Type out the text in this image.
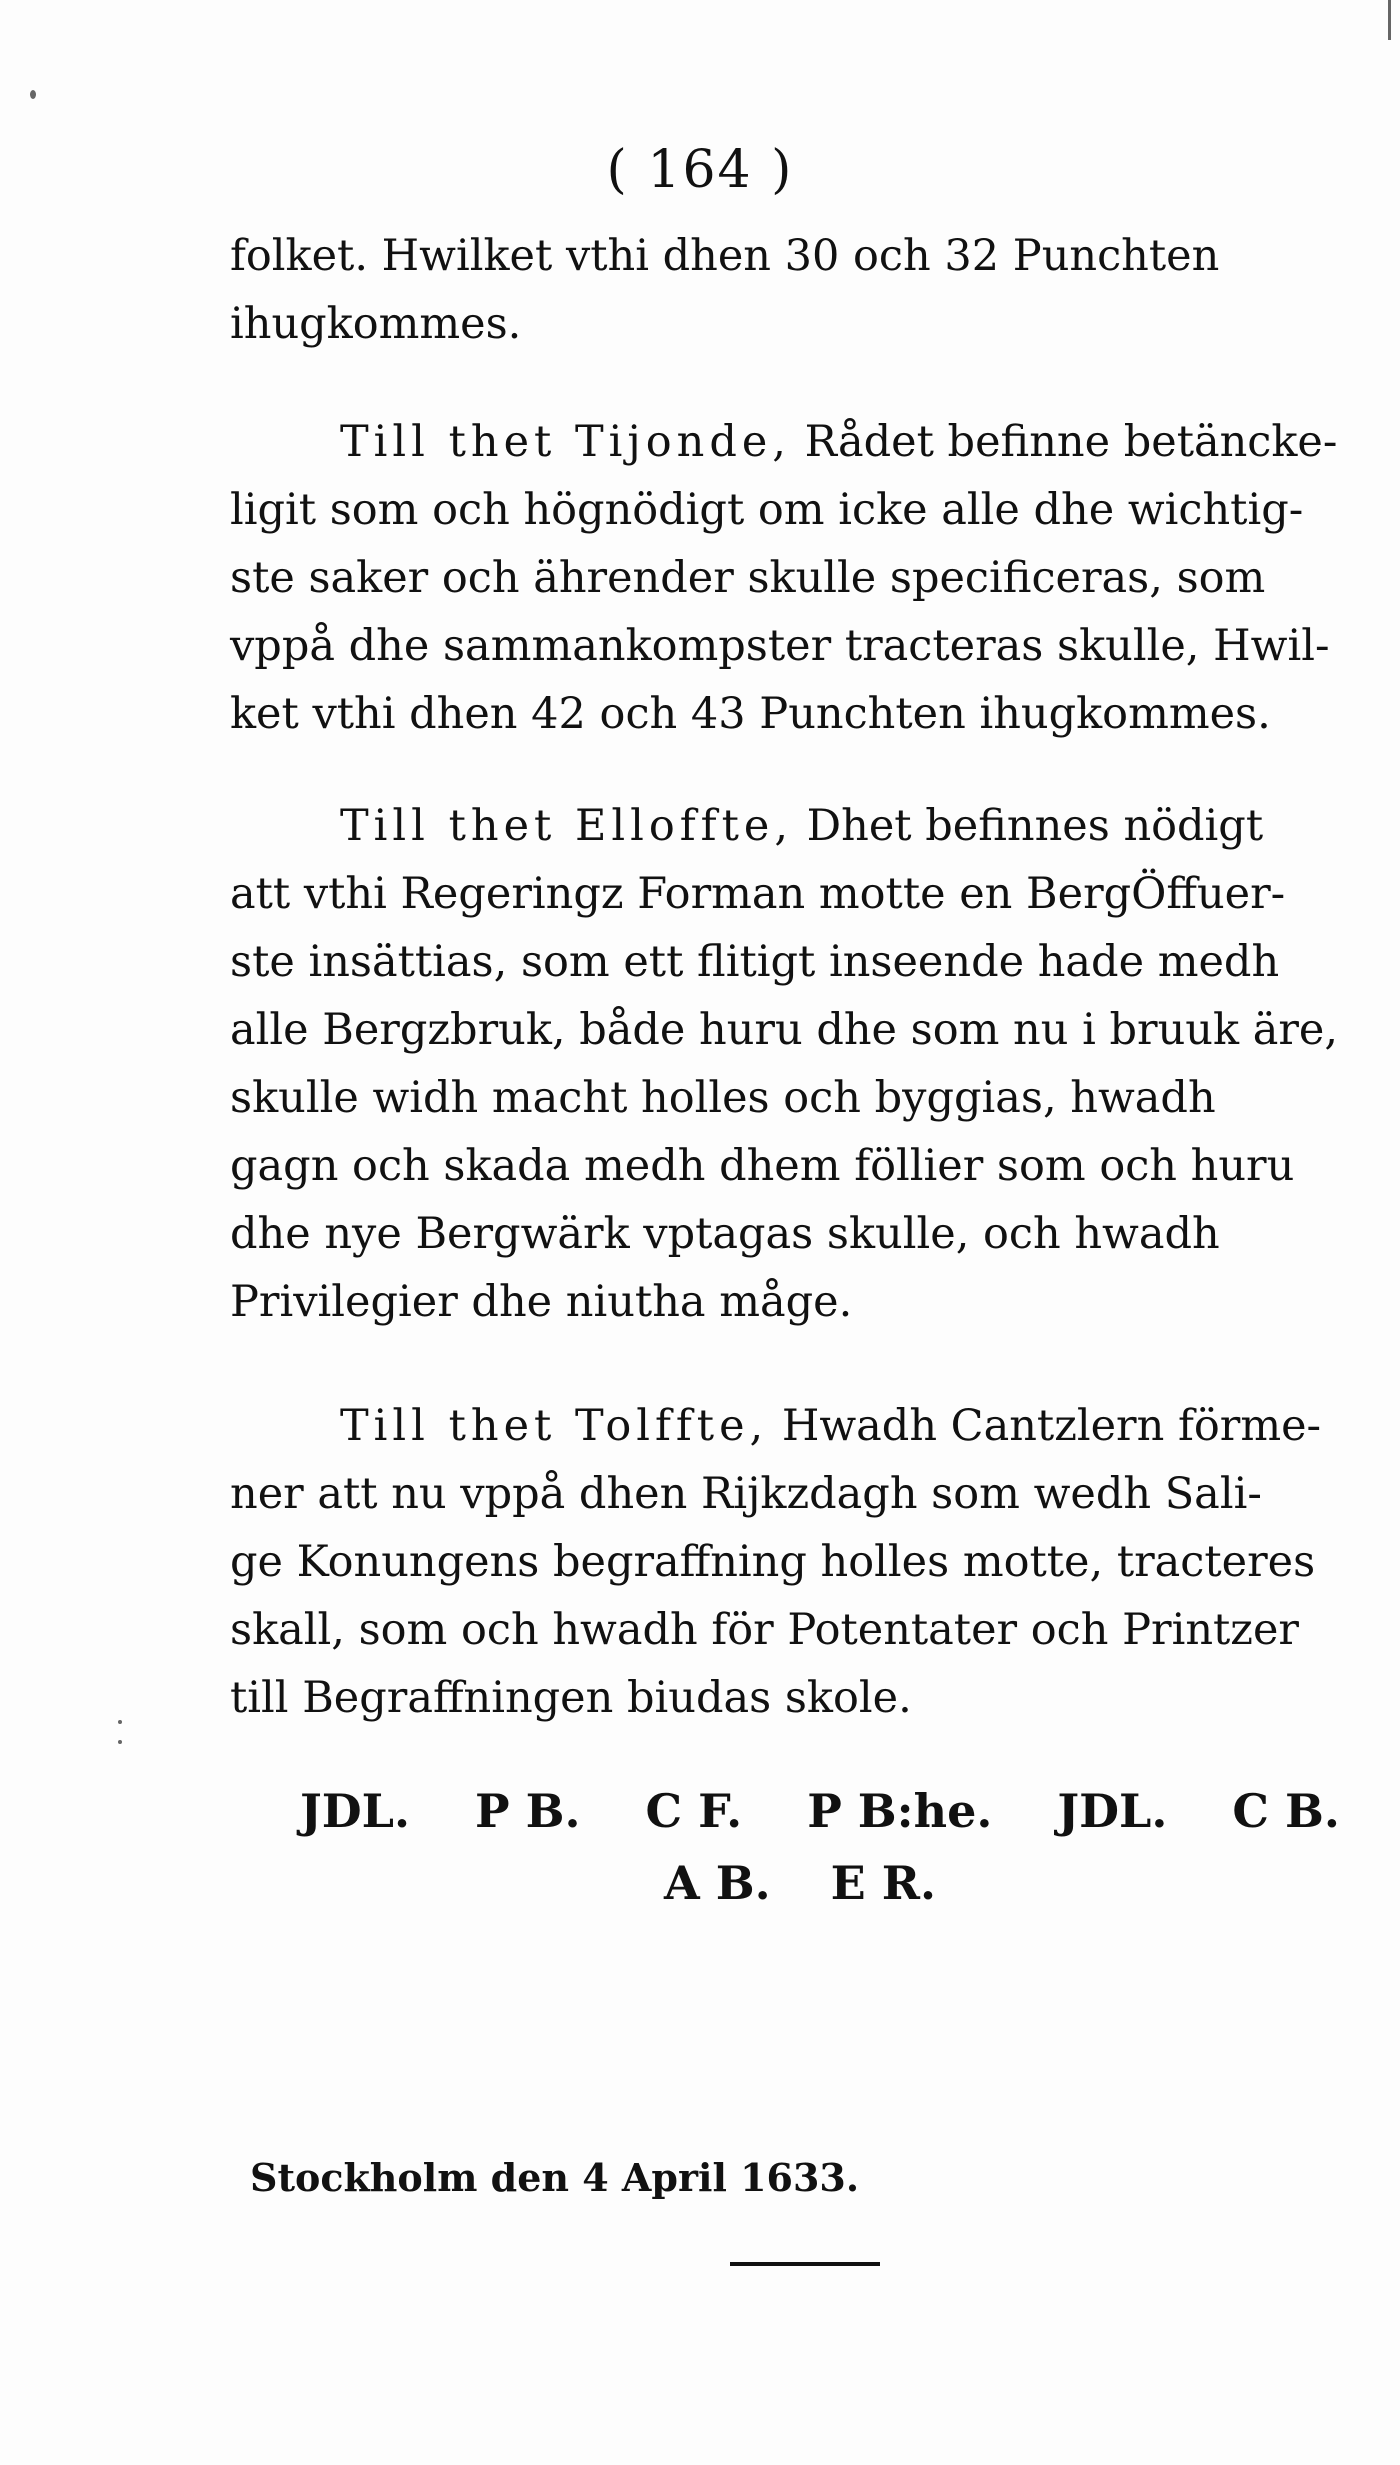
( 164 )

folket. Hwilket vthi dhen 30 och 32 Punchten

ihugkommes.

Till thet Tijonde, Rådet befinne betäncke-

ligit som och högnödigt om icke alle dhe wichtig-

ste saker och ährender skulle specificeras, som

vppå dhe sammankompster tracteras skulle, Hwil-

ket vthi dhen 42 och 43 Punchten ihugkommes.

Till thet Elloffte, Dhet befinnes nödigt

att vthi Regeringz Forman motte en BergÖffuer-

ste insättias, som ett flitigt inseende hade medh

alle Bergzbruk, både huru dhe som nu i bruuk äre,

skulle widh macht holles och byggias, hwadh

gagn och skada medh dhem föllier som och huru

dhe nye Bergwärk vptagas skulle, och hwadh

Privilegier dhe niutha måge.

Till thet Tolffte, Hwadh Cantzlern förme-

ner att nu vppå dhen Rijkzdagh som wedh Sali-

ge Konungens begraffning holles motte, tracteres

skall, som och hwadh för Potentater och Printzer

till Begraffningen biudas skole.

JDL. P B. C F. P B:he. JDL. C B.
A B. E R.
Stockholm den 4 April 1633.
